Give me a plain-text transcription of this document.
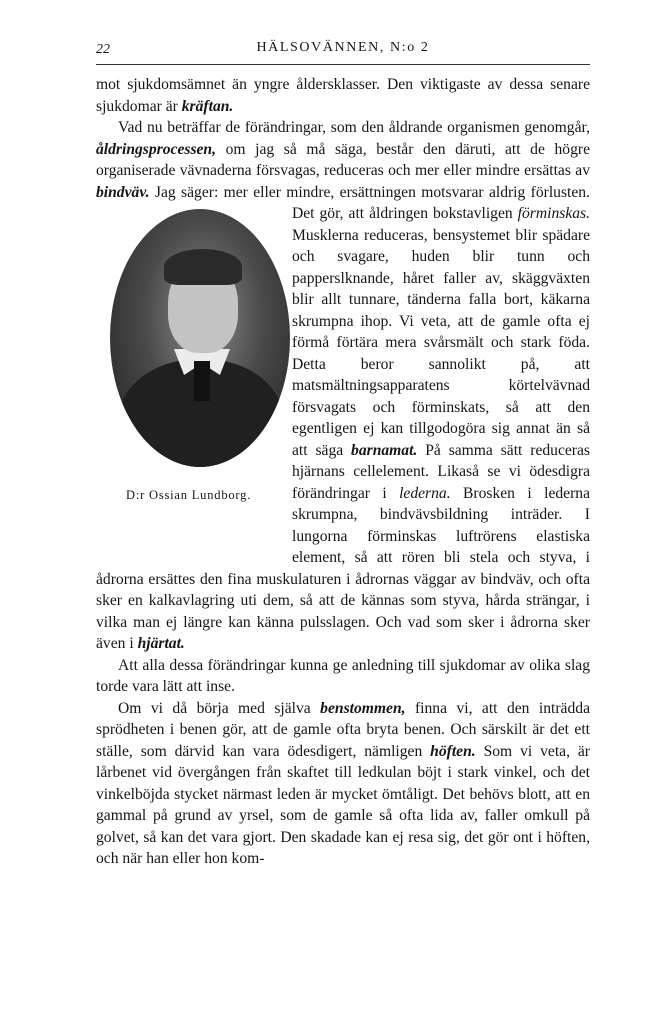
22	HÄLSOVÄNNEN, N:o 2

mot sjukdomsämnet än yngre åldersklasser. Den viktigaste av dessa senare sjukdomar är kräftan.

Vad nu beträffar de förändringar, som den åldrande organismen genomgår, åldringsprocessen, om jag så må säga, består den däruti, att de högre organiserade vävnaderna försvagas, reduceras och mer eller mindre ersättas av bindväv. Jag säger: mer eller mindre, ersättningen motsvarar aldrig förlusten. Det gör, att åldringen bokstavligen förminskas.
D:r Ossian Lundborg.
Musklerna reduceras, bensystemet blir spädare och svagare, huden blir tunn och papperslknande, håret faller av, skäggväxten blir allt tunnare, tänderna falla bort, käkarna skrumpna ihop. Vi veta, att de gamle ofta ej förmå förtära mera svårsmält och stark föda. Detta beror sannolikt på, att matsmältningsapparatens körtelvävnad försvagats och förminskats, så att den egentligen ej kan tillgodogöra sig annat än så att säga barnamat. På samma sätt reduceras hjärnans cellelement. Likaså se vi ödesdigra förändringar i lederna. Brosken i lederna skrumpna, bindvävsbildning inträder. I lungorna förminskas luftrörens elastiska element, så att rören bli stela och styva, i ådrorna ersättes den fina muskulaturen i ådrornas väggar av bindväv, och ofta sker en kalkavlagring uti dem, så att de kännas som styva, hårda strängar, i vilka man ej längre kan känna pulsslagen. Och vad som sker i ådrorna sker även i hjärtat.

Att alla dessa förändringar kunna ge anledning till sjukdomar av olika slag torde vara lätt att inse.

Om vi då börja med själva benstommen, finna vi, att den inträdda sprödheten i benen gör, att de gamle ofta bryta benen. Och särskilt är det ett ställe, som därvid kan vara ödesdigert, nämligen höften. Som vi veta, är lårbenet vid övergången från skaftet till ledkulan böjt i stark vinkel, och det vinkelböjda stycket närmast leden är mycket ömtåligt. Det behövs blott, att en gammal på grund av yrsel, som de gamle så ofta lida av, faller omkull på golvet, så kan det vara gjort. Den skadade kan ej resa sig, det gör ont i höften, och när han eller hon kom-
